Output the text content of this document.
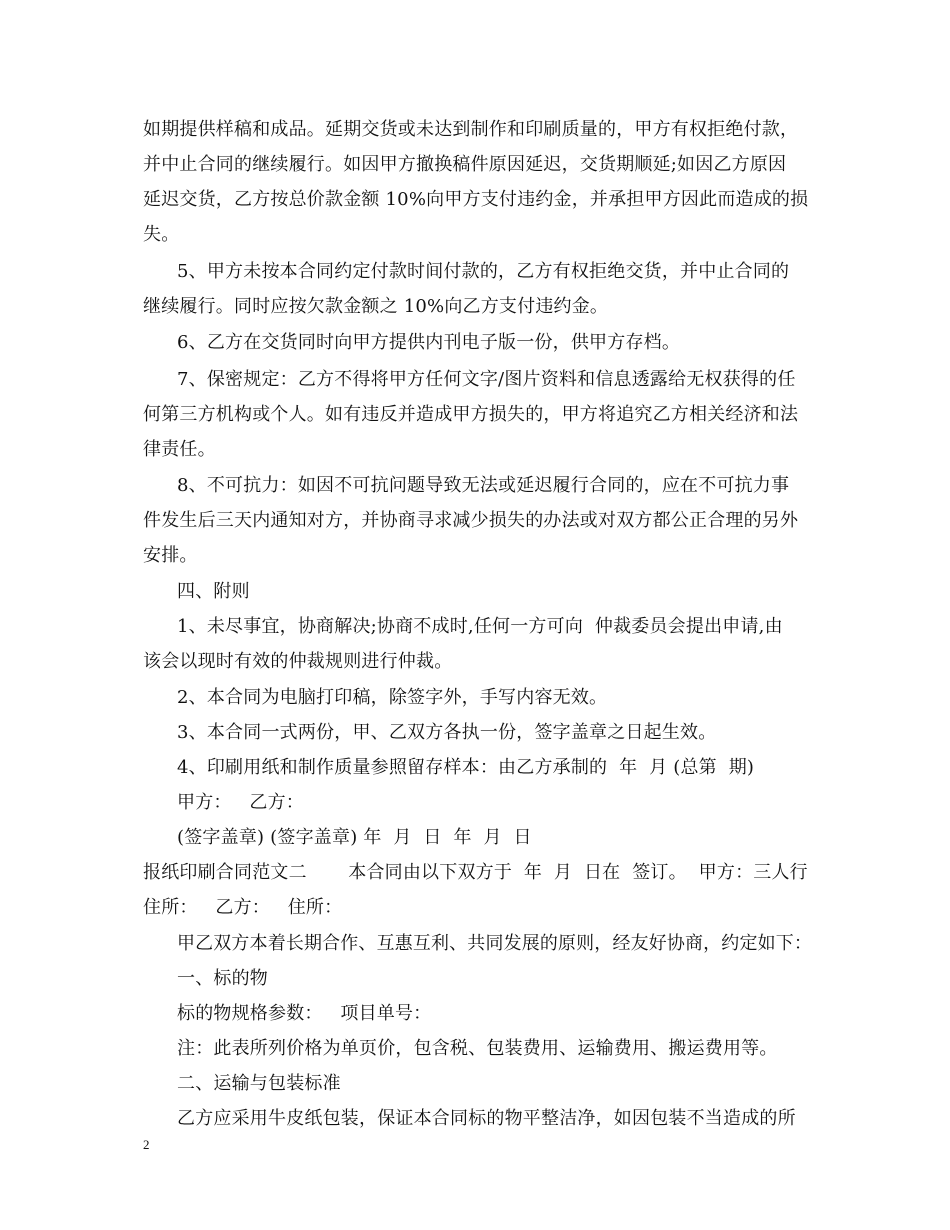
如期提供样稿和成品。延期交货或未达到制作和印刷质量的，甲方有权拒绝付款，
并中止合同的继续履行。如因甲方撤换稿件原因延迟，交货期顺延;如因乙方原因
延迟交货，乙方按总价款金额 10%向甲方支付违约金，并承担甲方因此而造成的损
失。
5、甲方未按本合同约定付款时间付款的，乙方有权拒绝交货，并中止合同的
继续履行。同时应按欠款金额之 10%向乙方支付违约金。
6、乙方在交货同时向甲方提供内刊电子版一份，供甲方存档。
7、保密规定：乙方不得将甲方任何文字/图片资料和信息透露给无权获得的任
何第三方机构或个人。如有违反并造成甲方损失的，甲方将追究乙方相关经济和法
律责任。
8、不可抗力：如因不可抗问题导致无法或延迟履行合同的，应在不可抗力事
件发生后三天内通知对方，并协商寻求减少损失的办法或对双方都公正合理的另外
安排。
四、附则
1、未尽事宜，协商解决;协商不成时,任何一方可向  仲裁委员会提出申请,由
该会以现时有效的仲裁规则进行仲裁。
2、本合同为电脑打印稿，除签字外，手写内容无效。
3、本合同一式两份，甲、乙双方各执一份，签字盖章之日起生效。
4、印刷用纸和制作质量参照留存样本：由乙方承制的  年  月 (总第  期)
甲方：   乙方：
(签字盖章) (签字盖章) 年  月  日  年  月  日
报纸印刷合同范文二       本合同由以下双方于  年  月  日在  签订。  甲方：三人行
住所：   乙方：   住所：
甲乙双方本着长期合作、互惠互利、共同发展的原则，经友好协商，约定如下：
一、标的物
标的物规格参数：   项目单号：
注：此表所列价格为单页价，包含税、包装费用、运输费用、搬运费用等。
二、运输与包装标准
乙方应采用牛皮纸包装，保证本合同标的物平整洁净，如因包装不当造成的所
2
